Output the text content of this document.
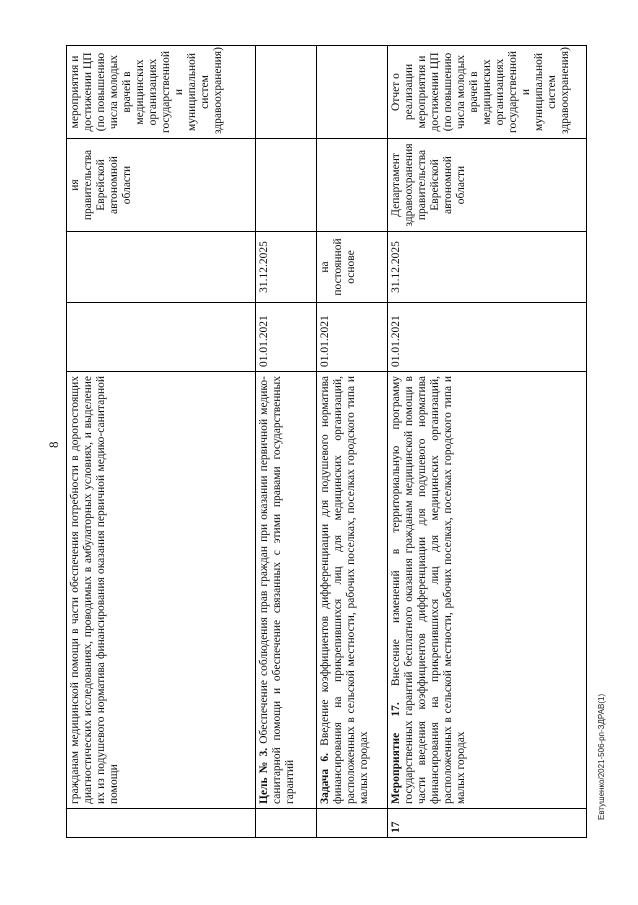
8
Евтушенко/2021-506-рп-ЗДРАВ(1)
	гражданам медицинской помощи в части обеспечения потребности в дорогостоящих диагностических исследованиях, проводимых в амбулаторных условиях, и выделение их из подушевого норматива финансирования оказания первичной медико-санитарной помощи			ия правительства Еврейской автономной области	мероприятия и достижении ЦП (по повышению числа молодых врачей в медицинских организациях государственной и муниципальной систем здравоохранения)
	Цель № 3. Обеспечение соблюдения прав граждан при оказании первичной медико-санитарной помощи и обеспечение связанных с этими правами государственных гарантий	01.01.2021	31.12.2025		
	Задача 6. Введение коэффициентов дифференциации для подушевого норматива финансирования на прикрепившихся лиц для медицинских организаций, расположенных в сельской местности, рабочих поселках, поселках городского типа и малых городах	01.01.2021	на постоянной основе		
17	Мероприятие 17. Внесение изменений в территориальную программу государственных гарантий бесплатного оказания гражданам медицинской помощи в части введения коэффициентов дифференциации для подушевого норматива финансирования на прикрепившихся лиц для медицинских организаций, расположенных в сельской местности, рабочих поселках, поселках городского типа и малых городах	01.01.2021	31.12.2025	Департамент здравоохранения правительства Еврейской автономной области	Отчет о реализации мероприятия и достижении ЦП (по повышению числа молодых врачей в медицинских организациях государственной и муниципальной систем здравоохранения)
